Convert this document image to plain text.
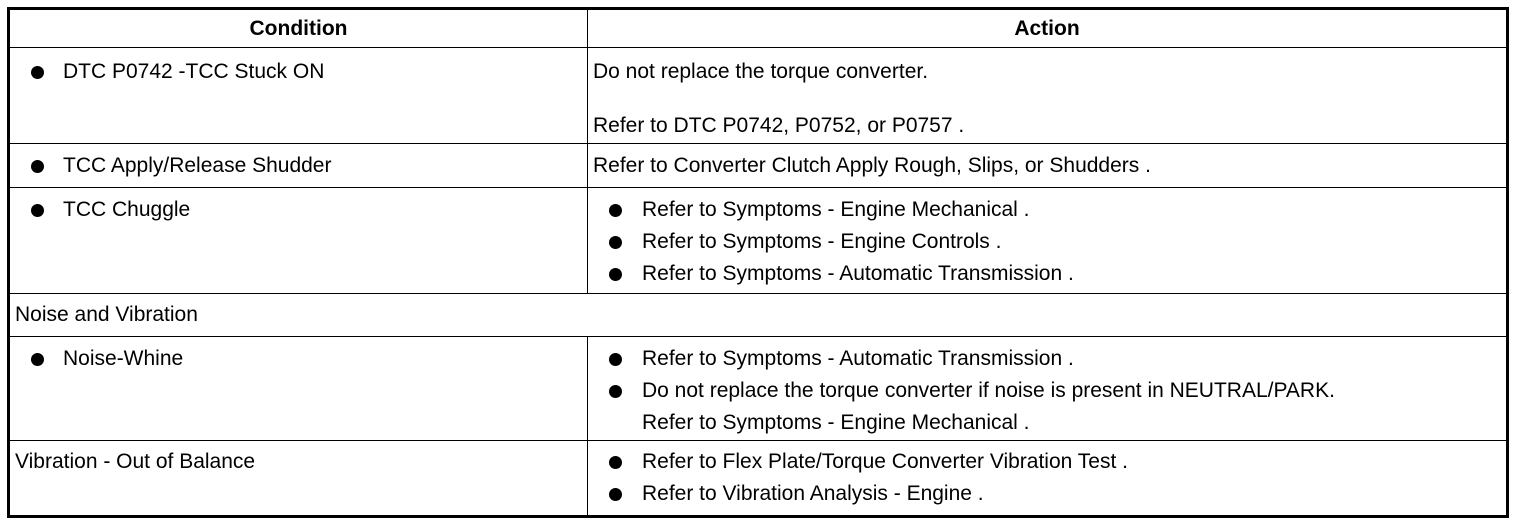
Condition	Action

DTC P0742 -TCC Stuck ON	Do not replace the torque converter.
Refer to DTC P0742, P0752, or P0757 .

TCC Apply/Release Shudder	Refer to Converter Clutch Apply Rough, Slips, or Shudders .

TCC Chuggle	Refer to Symptoms - Engine Mechanical .
Refer to Symptoms - Engine Controls .
Refer to Symptoms - Automatic Transmission .

Noise and Vibration	

Noise-Whine	Refer to Symptoms - Automatic Transmission .
Do not replace the torque converter if noise is present in NEUTRAL/PARK.
Refer to Symptoms - Engine Mechanical .

Vibration - Out of Balance	Refer to Flex Plate/Torque Converter Vibration Test .
Refer to Vibration Analysis - Engine .
